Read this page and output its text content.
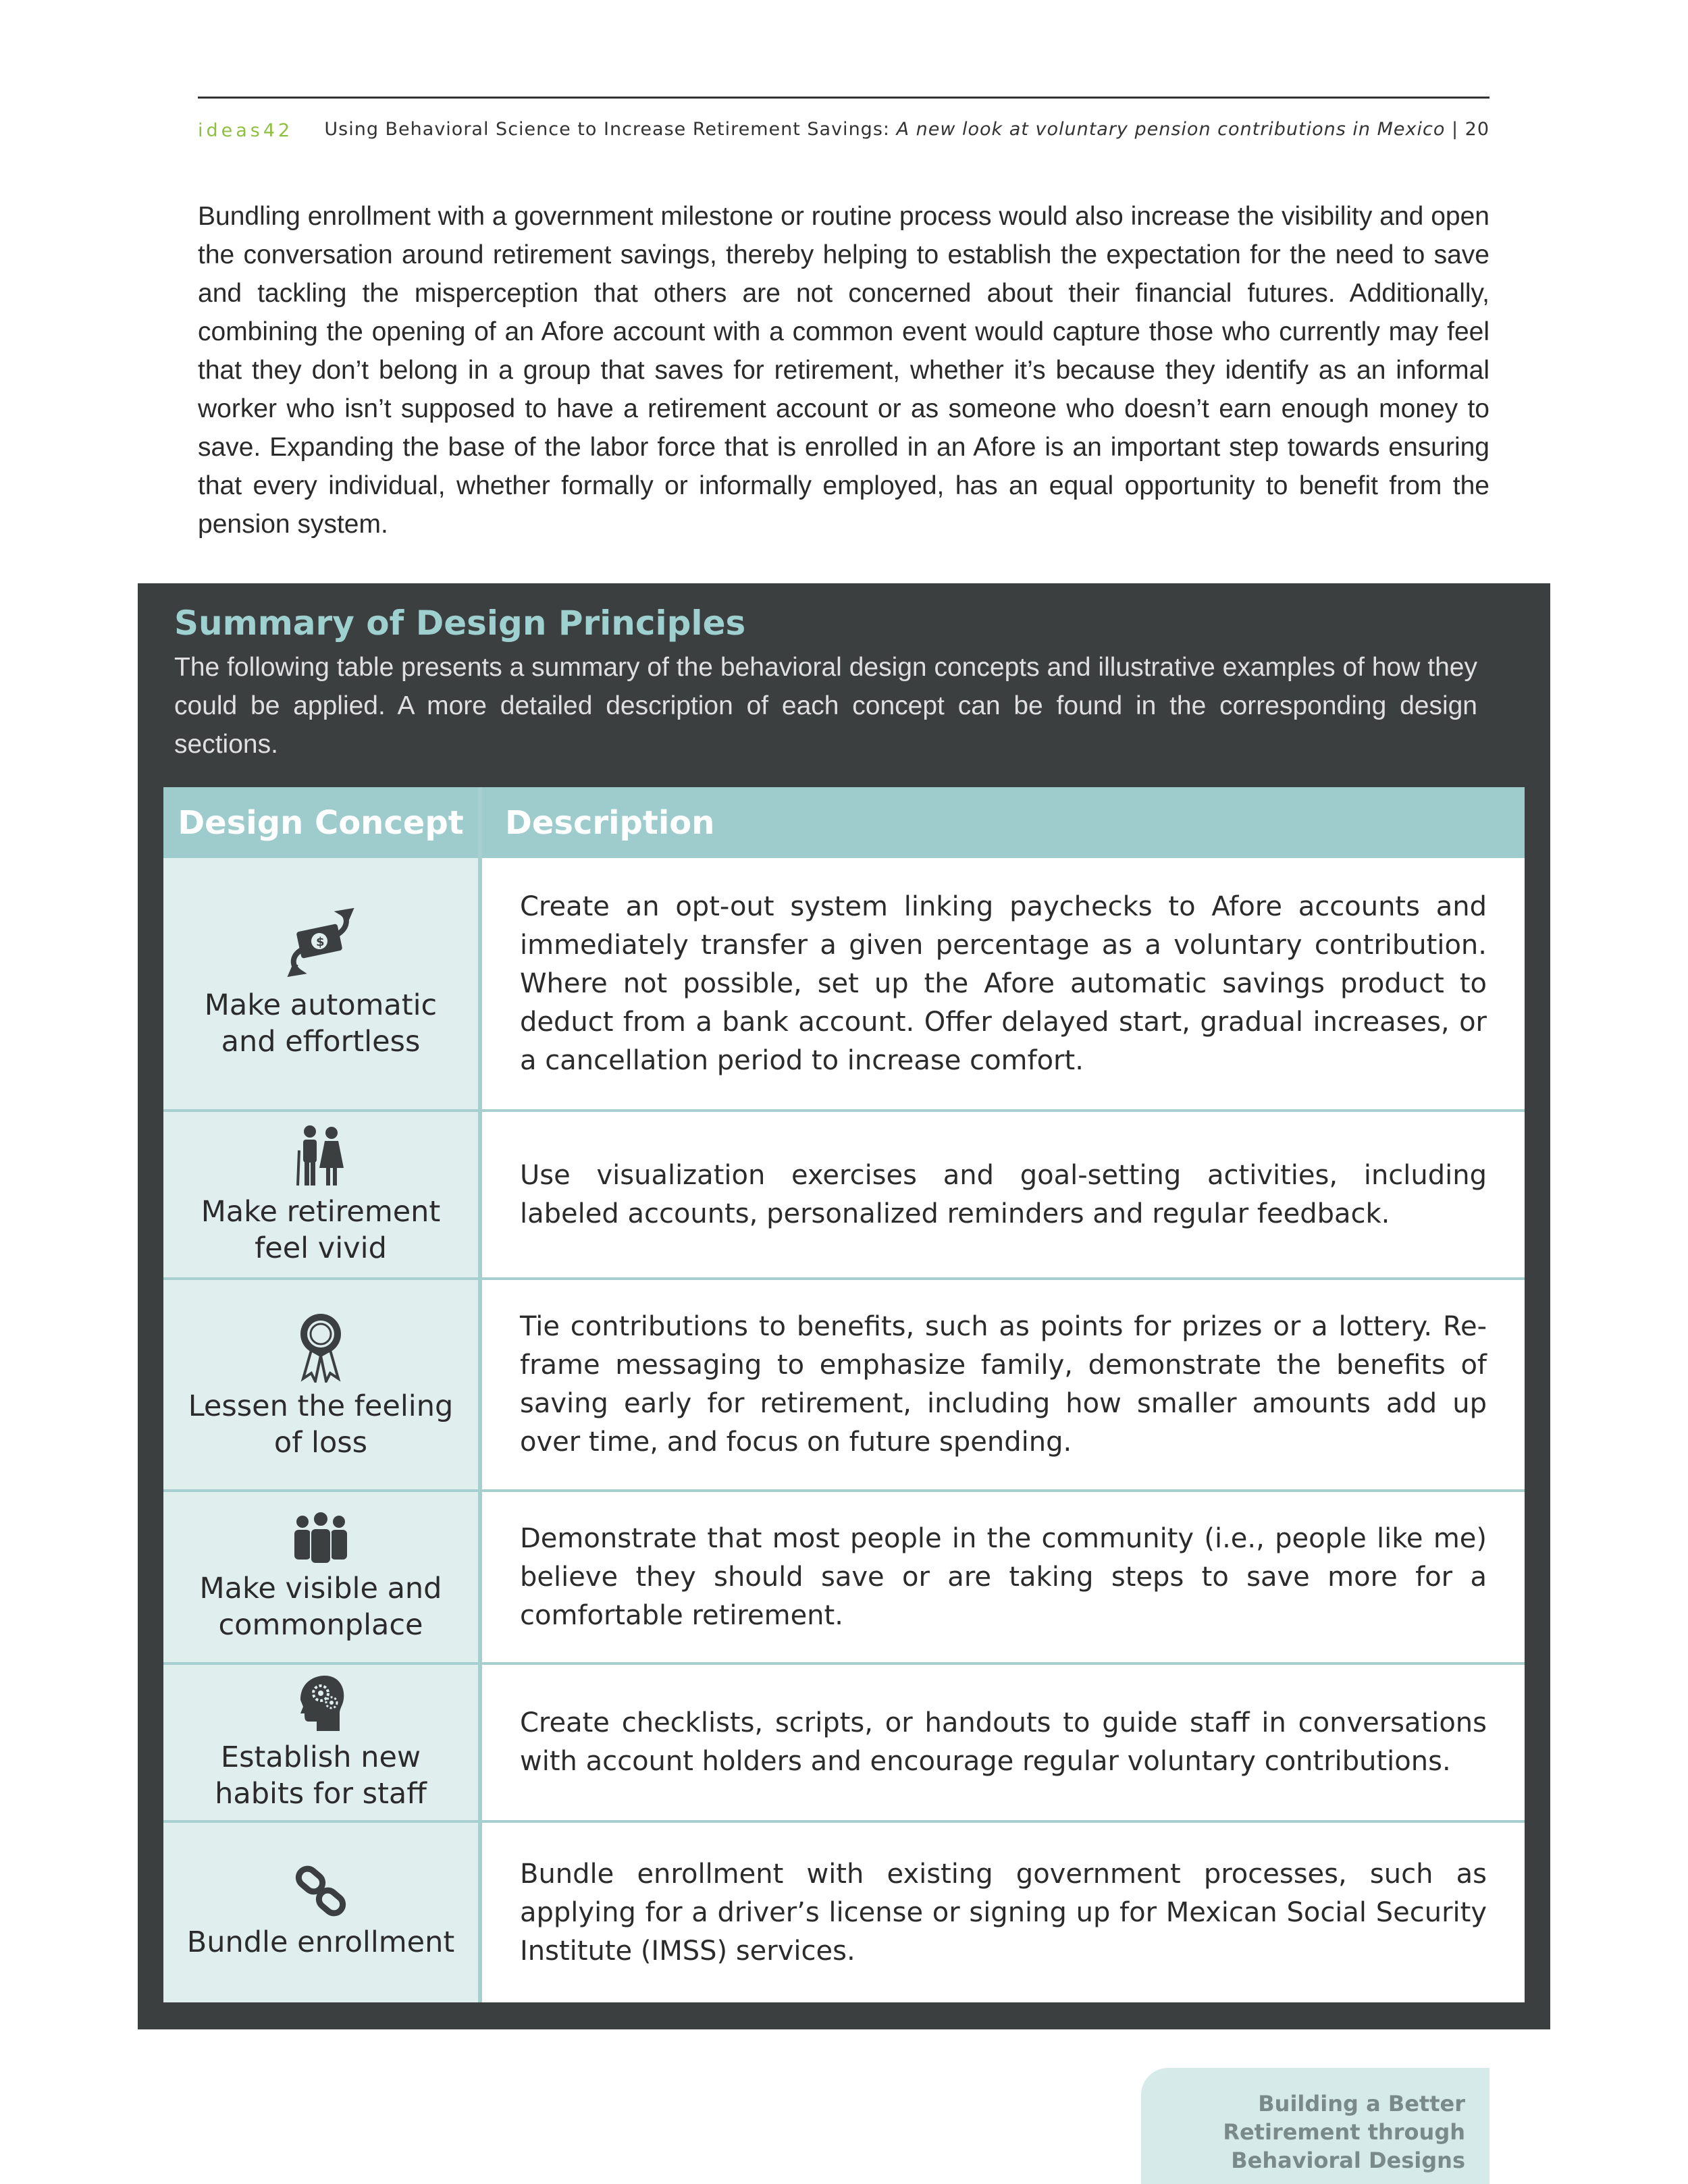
ideas42 Using Behavioral Science to Increase Retirement Savings: A new look at voluntary pension contributions in Mexico | 20
Bundling enrollment with a government milestone or routine process would also increase the visibility and open the conversation around retirement savings, thereby helping to establish the expectation for the need to save and tackling the misperception that others are not concerned about their financial futures. Additionally, combining the opening of an Afore account with a common event would capture those who currently may feel that they don’t belong in a group that saves for retirement, whether it’s because they identify as an informal worker who isn’t supposed to have a retirement account or as someone who doesn’t earn enough money to save. Expanding the base of the labor force that is enrolled in an Afore is an important step towards ensuring that every individual, whether formally or informally employed, has an equal opportunity to benefit from the pension system.
Summary of Design Principles
The following table presents a summary of the behavioral design concepts and illustrative examples of how they could be applied. A more detailed description of each concept can be found in the corresponding design sections.
Design Concept	Description
$
Make automatic and effortless
Create an opt-out system linking paychecks to Afore accounts and immediately transfer a given percentage as a voluntary contribution. Where not possible, set up the Afore automatic savings product to deduct from a bank account. Offer delayed start, gradual increases, or a cancellation period to increase comfort.
Make retirement feel vivid
Use visualization exercises and goal-setting activities, including labeled accounts, personalized reminders and regular feedback.
Lessen the feeling of loss
Tie contributions to benefits, such as points for prizes or a lottery. Re-frame messaging to emphasize family, demonstrate the benefits of saving early for retirement, including how smaller amounts add up over time, and focus on future spending.
Make visible and commonplace
Demonstrate that most people in the community (i.e., people like me) believe they should save or are taking steps to save more for a comfortable retirement.
Establish new habits for staff
Create checklists, scripts, or handouts to guide staff in conversations with account holders and encourage regular voluntary contributions.
Bundle enrollment
Bundle enrollment with existing government processes, such as applying for a driver’s license or signing up for Mexican Social Security Institute (IMSS) services.
Building a Better
Retirement through
Behavioral Designs
